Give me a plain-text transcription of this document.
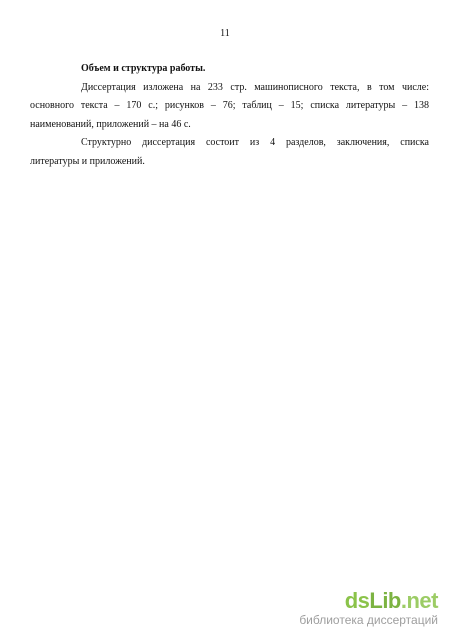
11

Объем и структура работы.

Диссертация изложена на 233 стр. машинописного текста, в том числе:
основного текста – 170 с.; рисунков – 76; таблиц – 15; списка литературы – 138
наименований, приложений – на 46 с.

Структурно диссертация состоит из 4 разделов, заключения, списка
литературы и приложений.

dsLib.net
библиотека диссертаций
